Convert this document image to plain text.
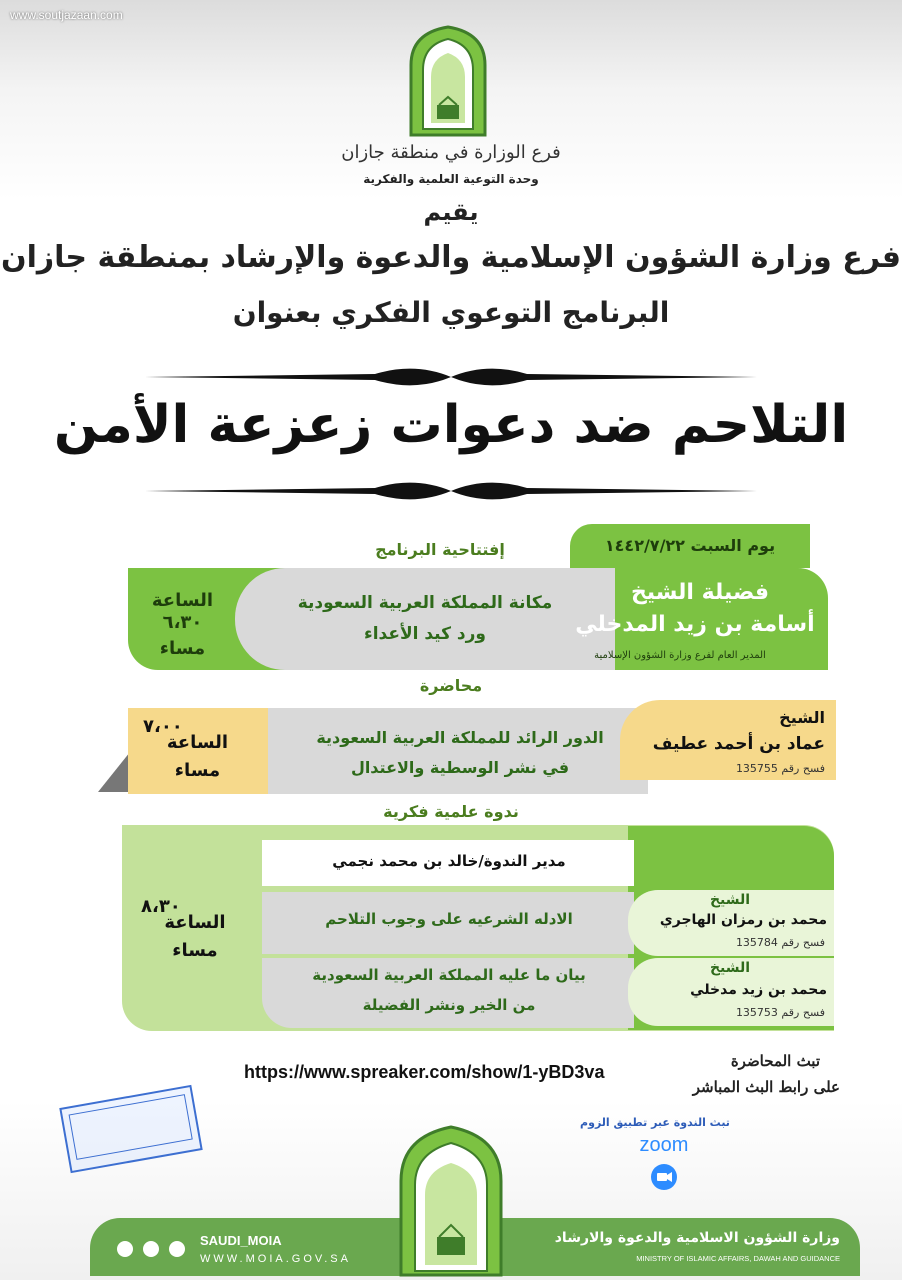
www.soutjazaan.com
فرع الوزارة في منطقة جازان
وحدة التوعية العلمية والفكرية
يقيم
فرع وزارة الشؤون الإسلامية والدعوة والإرشاد بمنطقة جازان
البرنامج التوعوي الفكري بعنوان
التلاحم ضد دعوات زعزعة الأمن
إفتتاحية البرنامج	يوم السبت ١٤٤٢/٧/٢٢
مكانة المملكة العربية السعودية
ورد كيد الأعداء
فضيلة الشيخ
أسامة بن زيد المدخلي
المدير العام لفرع وزارة الشؤون الإسلامية
الساعة
٦،٣٠
مساء
محاضرة
الساعة
٧،٠٠
مساء
الدور الرائد للمملكة العربية السعودية
في نشر الوسطية والاعتدال
الشيخ
عماد بن أحمد عطيف
فسح رقم 135755
ندوة علمية فكرية
مدير الندوة/خالد بن محمد نجمي
الادله الشرعيه على وجوب التلاحم
بيان ما عليه المملكة العربية السعودية
من الخير ونشر الفضيلة
الشيخ
محمد بن رمزان الهاجري
فسح رقم 135784
الشيخ
محمد بن زيد مدخلي
فسح رقم 135753
الساعة
٨،٣٠
مساء
تبث المحاضرة
على رابط البث المباشر
https://www.spreaker.com/show/1-yBD3va
تبث الندوة عبر تطبيق الزوم
zoom
SAUDI_MOIA
WWW.MOIA.GOV.SA
وزارة الشؤون الاسلامية والدعوة والارشاد
MINISTRY OF ISLAMIC AFFAIRS, DAWAH AND GUIDANCE
